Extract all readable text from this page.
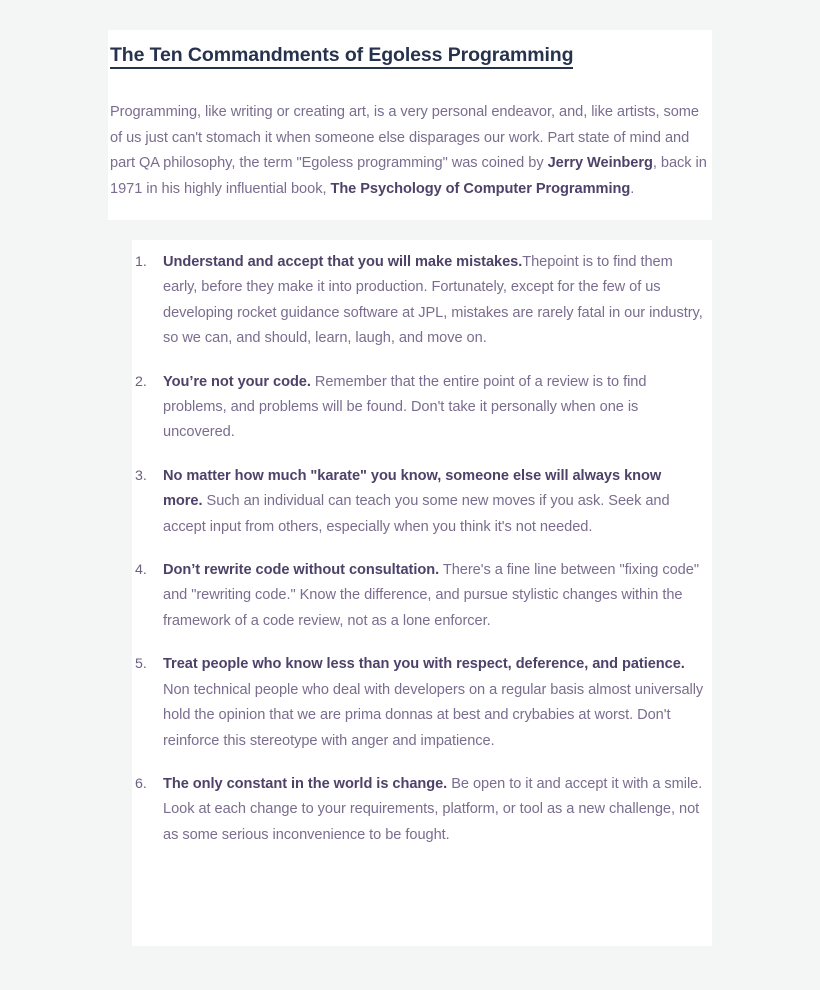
The Ten Commandments of Egoless Programming

Programming, like writing or creating art, is a very personal endeavor, and, like artists, some of us just can't stomach it when someone else disparages our work. Part state of mind and part QA philosophy, the term "Egoless programming" was coined by Jerry Weinberg, back in 1971 in his highly influential book, The Psychology of Computer Programming.

1.	Understand and accept that you will make mistakes.Thepoint is to find them early, before they make it into production. Fortunately, except for the few of us developing rocket guidance software at JPL, mistakes are rarely fatal in our industry, so we can, and should, learn, laugh, and move on.
2.	You’re not your code. Remember that the entire point of a review is to find problems, and problems will be found. Don't take it personally when one is uncovered.
3.	No matter how much "karate" you know, someone else will always know more. Such an individual can teach you some new moves if you ask. Seek and accept input from others, especially when you think it's not needed.
4.	Don’t rewrite code without consultation. There's a fine line between "fixing code" and "rewriting code." Know the difference, and pursue stylistic changes within the framework of a code review, not as a lone enforcer.
5.	Treat people who know less than you with respect, deference, and patience. Non technical people who deal with developers on a regular basis almost universally hold the opinion that we are prima donnas at best and crybabies at worst. Don't reinforce this stereotype with anger and impatience.
6.	The only constant in the world is change. Be open to it and accept it with a smile. Look at each change to your requirements, platform, or tool as a new challenge, not as some serious inconvenience to be fought.
